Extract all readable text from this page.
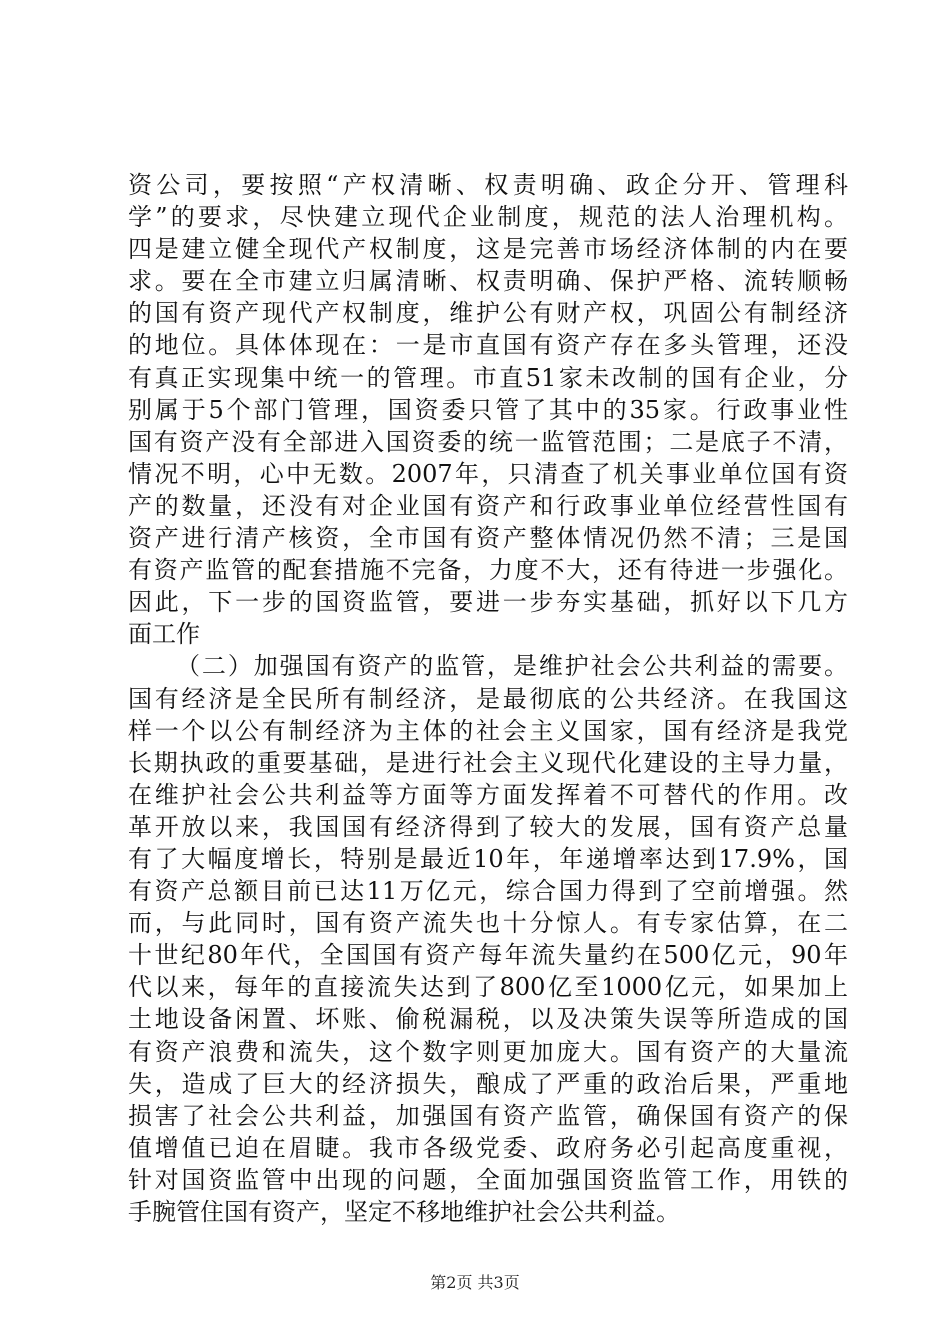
资公司，要按照“产权清晰、权责明确、政企分开、管理科
学”的要求，尽快建立现代企业制度，规范的法人治理机构。
四是建立健全现代产权制度，这是完善市场经济体制的内在要
求。要在全市建立归属清晰、权责明确、保护严格、流转顺畅
的国有资产现代产权制度，维护公有财产权，巩固公有制经济
的地位。具体体现在：一是市直国有资产存在多头管理，还没
有真正实现集中统一的管理。市直51家未改制的国有企业，分
别属于5个部门管理，国资委只管了其中的35家。行政事业性
国有资产没有全部进入国资委的统一监管范围；二是底子不清，
情况不明，心中无数。2007年，只清查了机关事业单位国有资
产的数量，还没有对企业国有资产和行政事业单位经营性国有
资产进行清产核资，全市国有资产整体情况仍然不清；三是国
有资产监管的配套措施不完备，力度不大，还有待进一步强化。
因此，下一步的国资监管，要进一步夯实基础，抓好以下几方
面工作
（二）加强国有资产的监管，是维护社会公共利益的需要。
国有经济是全民所有制经济，是最彻底的公共经济。在我国这
样一个以公有制经济为主体的社会主义国家，国有经济是我党
长期执政的重要基础，是进行社会主义现代化建设的主导力量，
在维护社会公共利益等方面等方面发挥着不可替代的作用。改
革开放以来，我国国有经济得到了较大的发展，国有资产总量
有了大幅度增长，特别是最近10年，年递增率达到17.9%，国
有资产总额目前已达11万亿元，综合国力得到了空前增强。然
而，与此同时，国有资产流失也十分惊人。有专家估算，在二
十世纪80年代，全国国有资产每年流失量约在500亿元，90年
代以来，每年的直接流失达到了800亿至1000亿元，如果加上
土地设备闲置、坏账、偷税漏税，以及决策失误等所造成的国
有资产浪费和流失，这个数字则更加庞大。国有资产的大量流
失，造成了巨大的经济损失，酿成了严重的政治后果，严重地
损害了社会公共利益，加强国有资产监管，确保国有资产的保
值增值已迫在眉睫。我市各级党委、政府务必引起高度重视，
针对国资监管中出现的问题，全面加强国资监管工作，用铁的
手腕管住国有资产，坚定不移地维护社会公共利益。
第2页 共3页
